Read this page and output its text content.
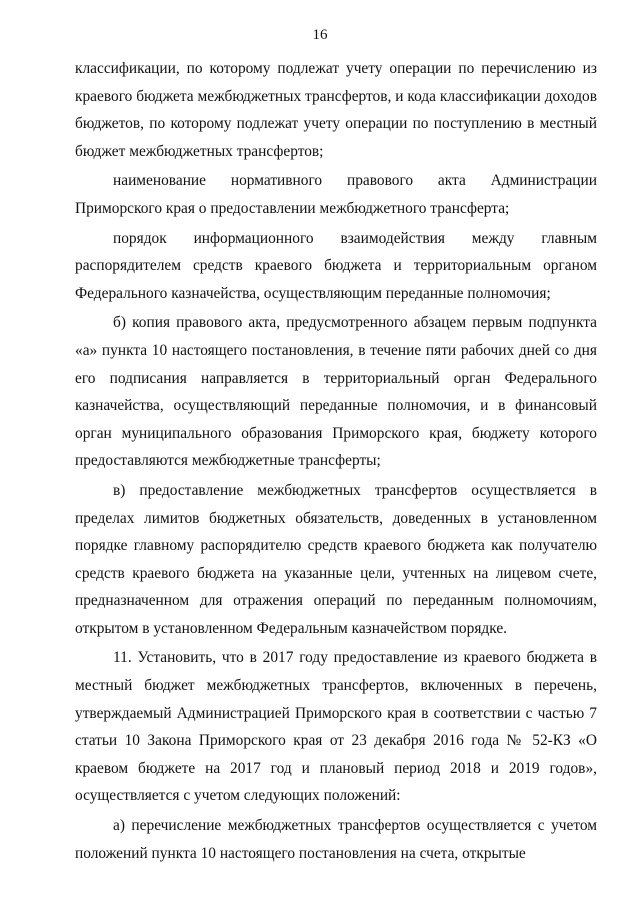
16

классификации, по которому подлежат учету операции по перечислению из краевого бюджета межбюджетных трансфертов, и кода классификации доходов бюджетов, по которому подлежат учету операции по поступлению в местный бюджет межбюджетных трансфертов;

наименование нормативного правового акта Администрации Приморского края о предоставлении межбюджетного трансферта;

порядок информационного взаимодействия между главным распорядителем средств краевого бюджета и территориальным органом Федерального казначейства, осуществляющим переданные полномочия;

б) копия правового акта, предусмотренного абзацем первым подпункта «а» пункта 10 настоящего постановления, в течение пяти рабочих дней со дня его подписания направляется в территориальный орган Федерального казначейства, осуществляющий переданные полномочия, и в финансовый орган муниципального образования Приморского края, бюджету которого предоставляются межбюджетные трансферты;

в) предоставление межбюджетных трансфертов осуществляется в пределах лимитов бюджетных обязательств, доведенных в установленном порядке главному распорядителю средств краевого бюджета как получателю средств краевого бюджета на указанные цели, учтенных на лицевом счете, предназначенном для отражения операций по переданным полномочиям, открытом в установленном Федеральным казначейством порядке.

11. Установить, что в 2017 году предоставление из краевого бюджета в местный бюджет межбюджетных трансфертов, включенных в перечень, утверждаемый Администрацией Приморского края в соответствии с частью 7 статьи 10 Закона Приморского края от 23 декабря 2016 года № 52-КЗ «О краевом бюджете на 2017 год и плановый период 2018 и 2019 годов», осуществляется с учетом следующих положений:

а) перечисление межбюджетных трансфертов осуществляется с учетом положений пункта 10 настоящего постановления на счета, открытые
